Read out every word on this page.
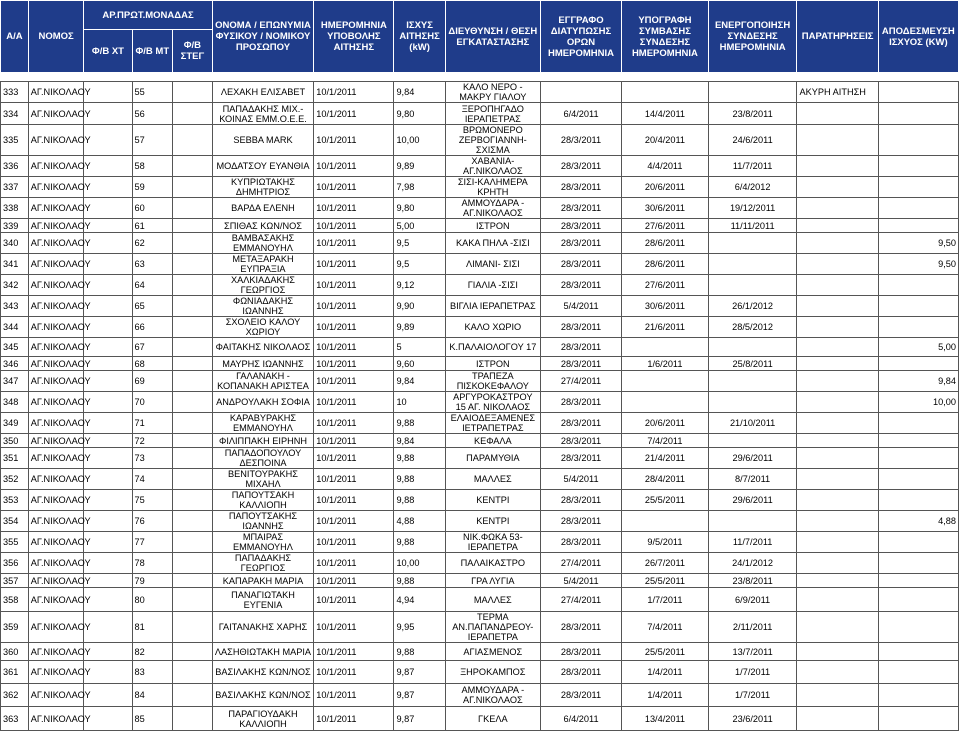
Α/Α	ΝΟΜΟΣ	ΑΡ.ΠΡΩΤ.ΜΟΝΑΔΑΣ			ΟΝΟΜΑ / ΕΠΩΝΥΜΙΑ ΦΥΣΙΚΟΥ / ΝΟΜΙΚΟΥ ΠΡΟΣΩΠΟΥ	ΗΜΕΡΟΜΗΝΙΑ ΥΠΟΒΟΛΗΣ ΑΙΤΗΣΗΣ	ΙΣΧΥΣ ΑΙΤΗΣΗΣ (kW)	ΔΙΕΥΘΥΝΣΗ / ΘΕΣΗ ΕΓΚΑΤΑΣΤΑΣΗΣ	ΕΓΓΡΑΦΟ ΔΙΑΤΥΠΩΣΗΣ ΟΡΩΝ ΗΜΕΡΟΜΗΝΙΑ	ΥΠΟΓΡΑΦΗ ΣΥΜΒΑΣΗΣ ΣΥΝΔΕΣΗΣ ΗΜΕΡΟΜΗΝΙΑ	ΕΝΕΡΓΟΠΟΙΗΣΗ ΣΥΝΔΕΣΗΣ ΗΜΕΡΟΜΗΝΙΑ	ΠΑΡΑΤΗΡΗΣΕΙΣ	ΑΠΟΔΕΣΜΕΥΣΗ ΙΣΧΥΟΣ (KW)
		Φ/Β ΧΤ	Φ/Β ΜΤ	Φ/Β ΣΤΕΓ									

333	ΑΓ.ΝΙΚΟΛΑΟΥ		55		ΛΕΧΑΚΗ ΕΛΙΣΑΒΕΤ	10/1/2011	9,84	ΚΑΛΟ ΝΕΡΟ - ΜΑΚΡΥ ΓΙΑΛΟΥ				ΑΚΥΡΗ ΑΙΤΗΣΗ	
334	ΑΓ.ΝΙΚΟΛΑΟΥ		56		ΠΑΠΑΔΑΚΗΣ ΜΙΧ.- ΚΟΙΝΑΣ ΕΜΜ.Ο.Ε.Ε.	10/1/2011	9,80	ΞΕΡΟΠΗΓΑΔΟ ΙΕΡΑΠΕΤΡΑΣ	6/4/2011	14/4/2011	23/8/2011		
335	ΑΓ.ΝΙΚΟΛΑΟΥ		57		SEBBA MARK	10/1/2011	10,00	ΒΡΩΜΟΝΕΡΟ ΖΕΡΒΟΓΙΑΝΝΗ-ΣΧΙΣΜΑ	28/3/2011	20/4/2011	24/6/2011		
336	ΑΓ.ΝΙΚΟΛΑΟΥ		58		ΜΟΔΑΤΣΟΥ ΕΥΑΝΘΙΑ	10/1/2011	9,89	ΧΑΒΑΝΙΑ-ΑΓ.ΝΙΚΟΛΑΟΣ	28/3/2011	4/4/2011	11/7/2011		
337	ΑΓ.ΝΙΚΟΛΑΟΥ		59		ΚΥΠΡΙΩΤΑΚΗΣ ΔΗΜΗΤΡΙΟΣ	10/1/2011	7,98	ΣΙΣΙ-ΚΑΛΗΜΕΡΑ ΚΡΗΤΗ	28/3/2011	20/6/2011	6/4/2012		
338	ΑΓ.ΝΙΚΟΛΑΟΥ		60		ΒΑΡΔΑ ΕΛΕΝΗ	10/1/2011	9,80	ΑΜΜΟΥΔΑΡΑ - ΑΓ.ΝΙΚΟΛΑΟΣ	28/3/2011	30/6/2011	19/12/2011		
339	ΑΓ.ΝΙΚΟΛΑΟΥ		61		ΣΠΙΘΑΣ ΚΩΝ/ΝΟΣ	10/1/2011	5,00	ΙΣΤΡΟΝ	28/3/2011	27/6/2011	11/11/2011		
340	ΑΓ.ΝΙΚΟΛΑΟΥ		62		ΒΑΜΒΑΣΑΚΗΣ ΕΜΜΑΝΟΥΗΛ	10/1/2011	9,5	ΚΑΚΑ ΠΗΛΑ -ΣΙΣΙ	28/3/2011	28/6/2011			9,50
341	ΑΓ.ΝΙΚΟΛΑΟΥ		63		ΜΕΤΑΞΑΡΑΚΗ ΕΥΠΡΑΞΙΑ	10/1/2011	9,5	ΛΙΜΑΝΙ- ΣΙΣΙ	28/3/2011	28/6/2011			9,50
342	ΑΓ.ΝΙΚΟΛΑΟΥ		64		ΧΑΛΚΙΑΔΑΚΗΣ ΓΕΩΡΓΙΟΣ	10/1/2011	9,12	ΓΙΑΛΙΑ -ΣΙΣΙ	28/3/2011	27/6/2011			
343	ΑΓ.ΝΙΚΟΛΑΟΥ		65		ΦΩΝΙΑΔΑΚΗΣ ΙΩΑΝΝΗΣ	10/1/2011	9,90	ΒΙΓΛΙΑ ΙΕΡΑΠΕΤΡΑΣ	5/4/2011	30/6/2011	26/1/2012		
344	ΑΓ.ΝΙΚΟΛΑΟΥ		66		ΣΧΟΛΕΙΟ ΚΑΛΟΥ ΧΩΡΙΟΥ	10/1/2011	9,89	ΚΑΛΟ ΧΩΡΙΟ	28/3/2011	21/6/2011	28/5/2012		
345	ΑΓ.ΝΙΚΟΛΑΟΥ		67		ΦΑΙΤΑΚΗΣ ΝΙΚΟΛΑΟΣ	10/1/2011	5	Κ.ΠΑΛΑΙΟΛΟΓΟΥ 17	28/3/2011				5,00
346	ΑΓ.ΝΙΚΟΛΑΟΥ		68		ΜΑΥΡΗΣ ΙΩΑΝΝΗΣ	10/1/2011	9,60	ΙΣΤΡΟΝ	28/3/2011	1/6/2011	25/8/2011		
347	ΑΓ.ΝΙΚΟΛΑΟΥ		69		ΓΑΛΑΝΑΚΗ - ΚΟΠΑΝΑΚΗ ΑΡΙΣΤΕΑ	10/1/2011	9,84	ΤΡΑΠΕΖΑ ΠΙΣΚΟΚΕΦΑΛΟΥ	27/4/2011				9,84
348	ΑΓ.ΝΙΚΟΛΑΟΥ		70		ΑΝΔΡΟΥΛΑΚΗ ΣΟΦΙΑ	10/1/2011	10	ΑΡΓΥΡΟΚΑΣΤΡΟΥ 15 ΑΓ. ΝΙΚΟΛΑΟΣ	28/3/2011				10,00
349	ΑΓ.ΝΙΚΟΛΑΟΥ		71		ΚΑΡΑΒΥΡΑΚΗΣ ΕΜΜΑΝΟΥΗΛ	10/1/2011	9,88	ΕΛΑΙΟΔΕΞΑΜΕΝΕΣ ΙΕΤΡΑΠΕΤΡΑΣ	28/3/2011	20/6/2011	21/10/2011		
350	ΑΓ.ΝΙΚΟΛΑΟΥ		72		ΦΙΛΙΠΠΑΚΗ ΕΙΡΗΝΗ	10/1/2011	9,84	ΚΕΦΑΛΑ	28/3/2011	7/4/2011			
351	ΑΓ.ΝΙΚΟΛΑΟΥ		73		ΠΑΠΑΔΟΠΟΥΛΟΥ ΔΕΣΠΟΙΝΑ	10/1/2011	9,88	ΠΑΡΑΜΥΘΙΑ	28/3/2011	21/4/2011	29/6/2011		
352	ΑΓ.ΝΙΚΟΛΑΟΥ		74		ΒΕΝΙΤΟΥΡΑΚΗΣ ΜΙΧΑΗΛ	10/1/2011	9,88	ΜΑΛΛΕΣ	5/4/2011	28/4/2011	8/7/2011		
353	ΑΓ.ΝΙΚΟΛΑΟΥ		75		ΠΑΠΟΥΤΣΑΚΗ ΚΑΛΛΙΟΠΗ	10/1/2011	9,88	ΚΕΝΤΡΙ	28/3/2011	25/5/2011	29/6/2011		
354	ΑΓ.ΝΙΚΟΛΑΟΥ		76		ΠΑΠΟΥΤΣΑΚΗΣ ΙΩΑΝΝΗΣ	10/1/2011	4,88	ΚΕΝΤΡΙ	28/3/2011				4,88
355	ΑΓ.ΝΙΚΟΛΑΟΥ		77		ΜΠΑΙΡΑΣ ΕΜΜΑΝΟΥΗΛ	10/1/2011	9,88	ΝΙΚ.ΦΩΚΑ 53-ΙΕΡΑΠΕΤΡΑ	28/3/2011	9/5/2011	11/7/2011		
356	ΑΓ.ΝΙΚΟΛΑΟΥ		78		ΠΑΠΑΔΑΚΗΣ ΓΕΩΡΓΙΟΣ	10/1/2011	10,00	ΠΑΛΑΙΚΑΣΤΡΟ	27/4/2011	26/7/2011	24/1/2012		
357	ΑΓ.ΝΙΚΟΛΑΟΥ		79		ΚΑΠΑΡΑΚΗ ΜΑΡΙΑ	10/1/2011	9,88	ΓΡΑ ΛΥΓΙΑ	5/4/2011	25/5/2011	23/8/2011		
358	ΑΓ.ΝΙΚΟΛΑΟΥ		80		ΠΑΝΑΓΙΩΤΑΚΗ ΕΥΓΕΝΙΑ	10/1/2011	4,94	ΜΑΛΛΕΣ	27/4/2011	1/7/2011	6/9/2011		
359	ΑΓ.ΝΙΚΟΛΑΟΥ		81		ΓΑΙΤΑΝΑΚΗΣ ΧΑΡΗΣ	10/1/2011	9,95	ΤΕΡΜΑ ΑΝ.ΠΑΠΑΝΔΡΕΟΥ-ΙΕΡΑΠΕΤΡΑ	28/3/2011	7/4/2011	2/11/2011		
360	ΑΓ.ΝΙΚΟΛΑΟΥ		82		ΛΑΣΗΘΙΩΤΑΚΗ ΜΑΡΙΑ	10/1/2011	9,88	ΑΓΙΑΣΜΕΝΟΣ	28/3/2011	25/5/2011	13/7/2011		
361	ΑΓ.ΝΙΚΟΛΑΟΥ		83		ΒΑΣΙΛΑΚΗΣ ΚΩΝ/ΝΟΣ	10/1/2011	9,87	ΞΗΡΟΚΑΜΠΟΣ	28/3/2011	1/4/2011	1/7/2011		
362	ΑΓ.ΝΙΚΟΛΑΟΥ		84		ΒΑΣΙΛΑΚΗΣ ΚΩΝ/ΝΟΣ	10/1/2011	9,87	ΑΜΜΟΥΔΑΡΑ - ΑΓ.ΝΙΚΟΛΑΟΣ	28/3/2011	1/4/2011	1/7/2011		
363	ΑΓ.ΝΙΚΟΛΑΟΥ		85		ΠΑΡΑΓΙΟΥΔΑΚΗ ΚΑΛΛΙΟΠΗ	10/1/2011	9,87	ΓΚΕΛΑ	6/4/2011	13/4/2011	23/6/2011		
